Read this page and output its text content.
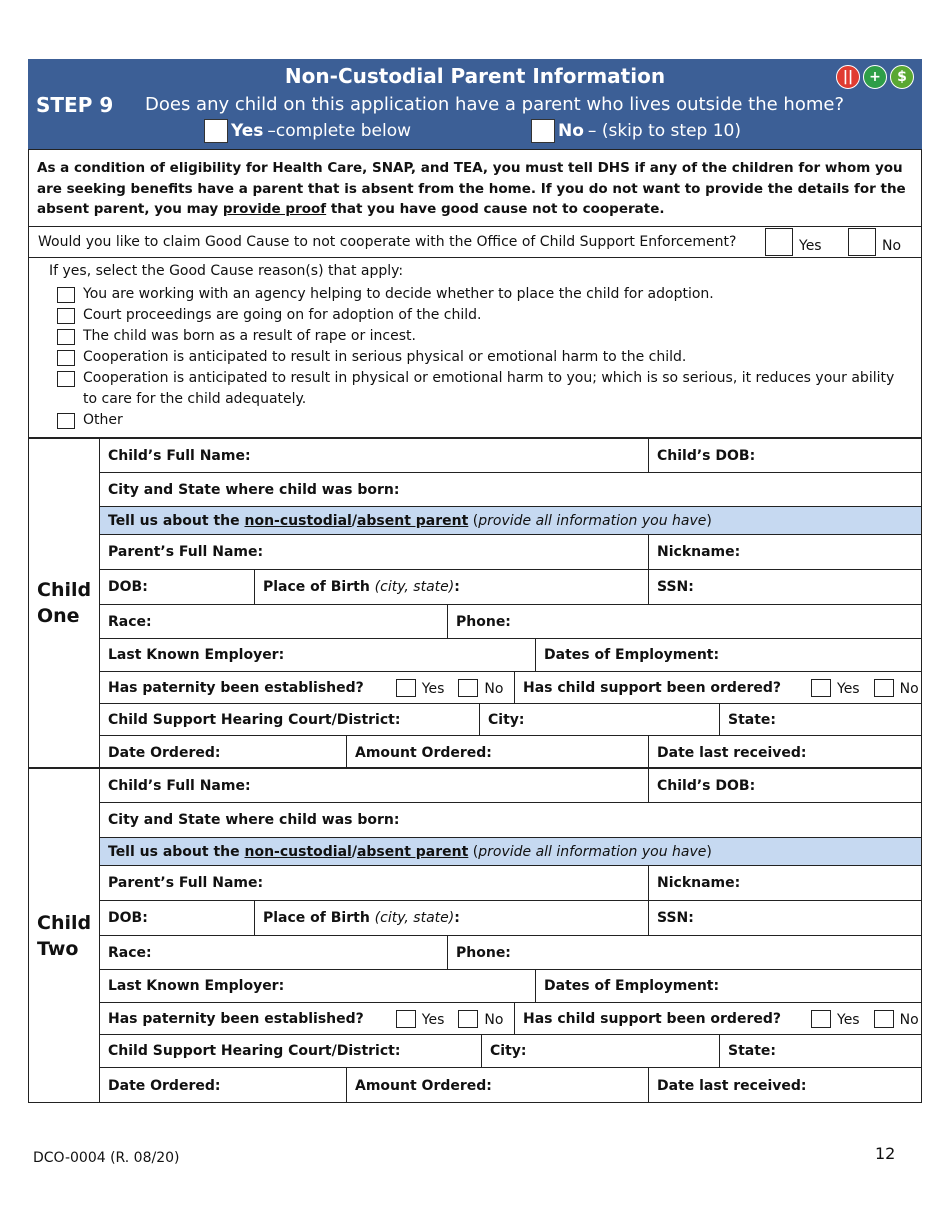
Non-Custodial Parent Information	||	+	$
STEP 9 Does any child on this application have a parent who lives outside the home?
Yes –complete below	No – (skip to step 10)
As a condition of eligibility for Health Care, SNAP, and TEA, you must tell DHS if any of the children for whom you are seeking benefits have a parent that is absent from the home. If you do not want to provide the details for the absent parent, you may provide proof that you have good cause not to cooperate.
Would you like to claim Good Cause to not cooperate with the Office of Child Support Enforcement?	Yes	No
If yes, select the Good Cause reason(s) that apply:
You are working with an agency helping to decide whether to place the child for adoption.
Court proceedings are going on for adoption of the child.
The child was born as a result of rape or incest.
Cooperation is anticipated to result in serious physical or emotional harm to the child.
Cooperation is anticipated to result in physical or emotional harm to you; which is so serious, it reduces your ability to care for the child adequately.
Other
Child
One
Child’s Full Name:	Child’s DOB:
City and State where child was born:
Tell us about the non-custodial / absent parent ( provide all information you have )
Parent’s Full Name:	Nickname:
DOB:	Place of Birth (city, state) :	SSN:
Race:	Phone:
Last Known Employer:	Dates of Employment:
Has paternity been established?	Yes	No Has child support been ordered?	Yes	No
Child Support Hearing Court/District:	City:	State:
Date Ordered:	Amount Ordered:	Date last received:
Child
Two
Child’s Full Name:	Child’s DOB:
City and State where child was born:
Tell us about the non-custodial / absent parent ( provide all information you have )
Parent’s Full Name:	Nickname:
DOB:	Place of Birth (city, state) :	SSN:
Race:	Phone:
Last Known Employer:	Dates of Employment:
Has paternity been established?	Yes	No Has child support been ordered?	Yes	No
Child Support Hearing Court/District:	City:	State:
Date Ordered:	Amount Ordered:	Date last received:
DCO-0004 (R. 08/20)	12
